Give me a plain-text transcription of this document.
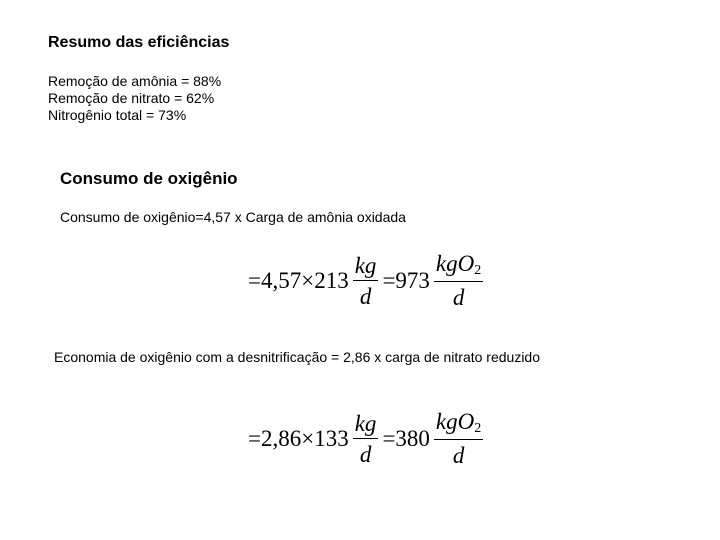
Resumo das eficiências
Remoção de amônia = 88%
Remoção de nitrato = 62%
Nitrogênio total = 73%
Consumo de oxigênio
Consumo de oxigênio=4,57 x Carga de amônia oxidada
= $4,57 \times 213 \frac{kg}{d} = 973 \frac{kgO_2}{d}$
Economia de oxigênio com a desnitrificação = 2,86 x carga de nitrato reduzido
= $2,86 \times 133 \frac{kg}{d} = 380 \frac{kgO_2}{d}$
